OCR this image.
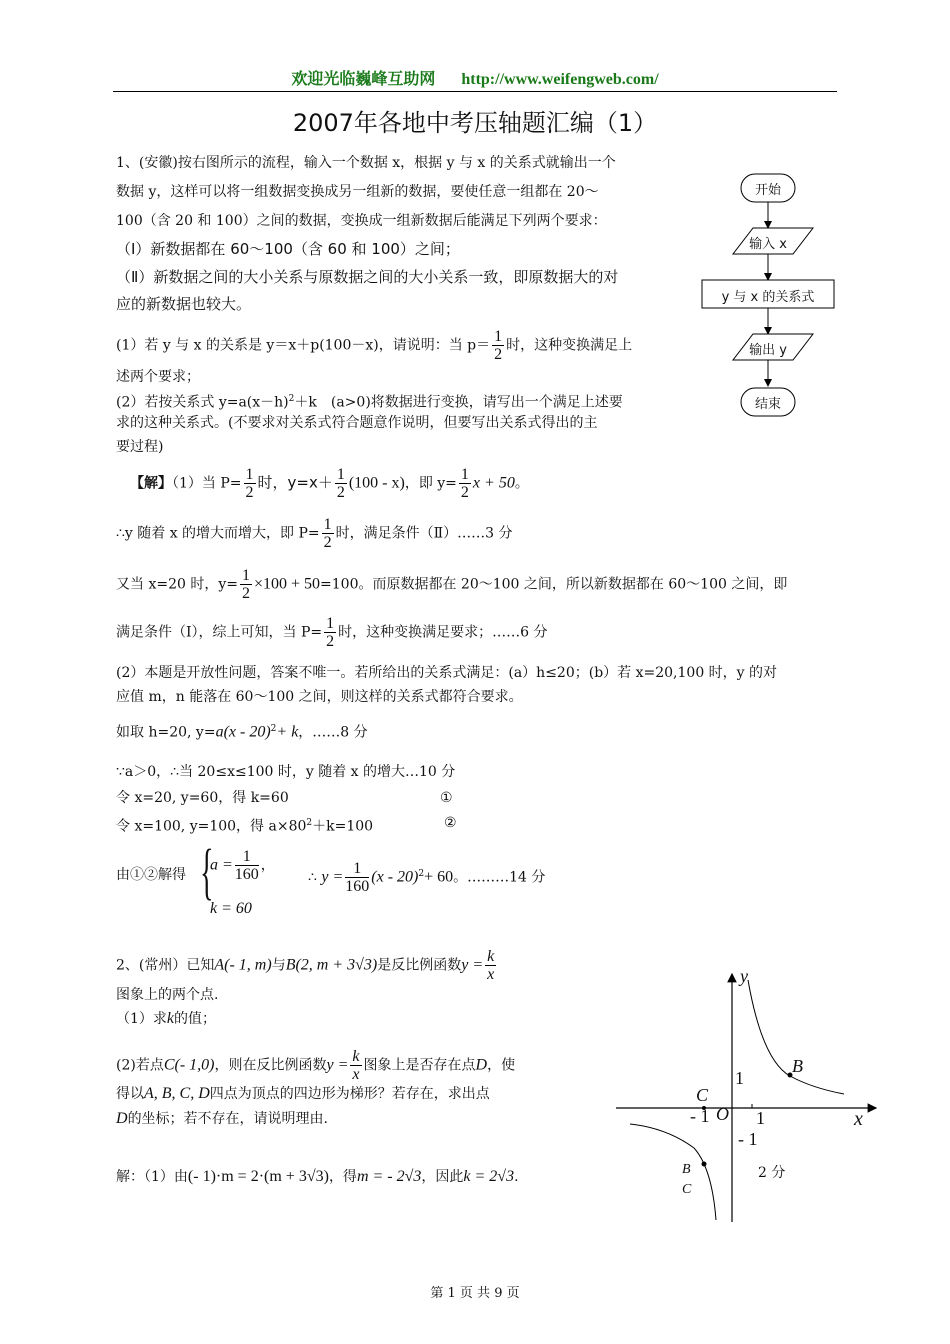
欢迎光临巍峰互助网 http://www.weifengweb.com/
2007年各地中考压轴题汇编（1）
1、(安徽)按右图所示的流程，输入一个数据 x，根据 y 与 x 的关系式就输出一个
数据 y，这样可以将一组数据变换成另一组新的数据，要使任意一组都在 20～
100（含 20 和 100）之间的数据，变换成一组新数据后能满足下列两个要求：
（Ⅰ）新数据都在 60～100（含 60 和 100）之间；
（Ⅱ）新数据之间的大小关系与原数据之间的大小关系一致，即原数据大的对
应的新数据也较大。
(1）若 y 与 x 的关系是 y＝x＋p(100－x)，请说明：当 $p= \frac{1}{2}$ 时，这种变换满足上
述两个要求；
(2）若按关系式 $y=a(x-h)^2+k$　(a>0)将数据进行变换，请写出一个满足上述要
求的这种关系式。(不要求对关系式符合题意作说明，但要写出关系式得出的主
要过程)
开始
输入 x
y 与 x 的关系式
输出 y
结束
【解】（1）当 $P= \frac{1}{2}$ 时，$y=x+ \frac{1}{2} (100 - x)$，即 $y= \frac{1}{2}$ x + 50。
∴y 随着 x 的增大而增大，即 $P= \frac{1}{2}$ 时，满足条件（Ⅱ）……3 分
又当 x=20 时，$y= \frac{1}{2} \times 100 + 50=100$。而原数据都在 20～100 之间，所以新数据都在 60～100 之间，即
满足条件（Ⅰ），综上可知，当 $P= \frac{1}{2}$ 时，这种变换满足要求；……6 分
(2）本题是开放性问题，答案不唯一。若所给出的关系式满足：(a）h≤20；(b）若 x=20,100 时，y 的对
应值 m，n 能落在 60～100 之间，则这样的关系式都符合要求。
如取 h=20, y=a(x - 20)$^2$+ k，……8 分
∵a＞0，∴当 20≤x≤100 时，y 随着 x 的增大…10 分
令 x=20, y=60，得 k=60	①
令 x=100, y=100，得 $a\times 80^2+k=100$	②
由①②解得 {
$a = \frac{1}{160}$ ，
k = 60
∴ $y = \frac{1}{160} (x - 20)^2+ 60$。………14 分
2、(常州）已知A(- 1, m)与B(2, m + 3√3)是反比例函数$y = \frac{k}{x}$
图象上的两个点.
（1）求k的值；
(2)若点C(- 1,0)，则在反比例函数$y = \frac{k}{x}$ 图象上是否存在点D，使
得以A, B, C, D四点为顶点的四边形为梯形？若存在，求出点
D的坐标；若不存在，请说明理由.
解：（1）由(- 1)·m = 2·(m + 3√3)，得m = - 2√3，因此k = 2√3.	2 分
y
x
O
1
1
- 1
- 1
B
C
B
C
第 1 页 共 9 页
